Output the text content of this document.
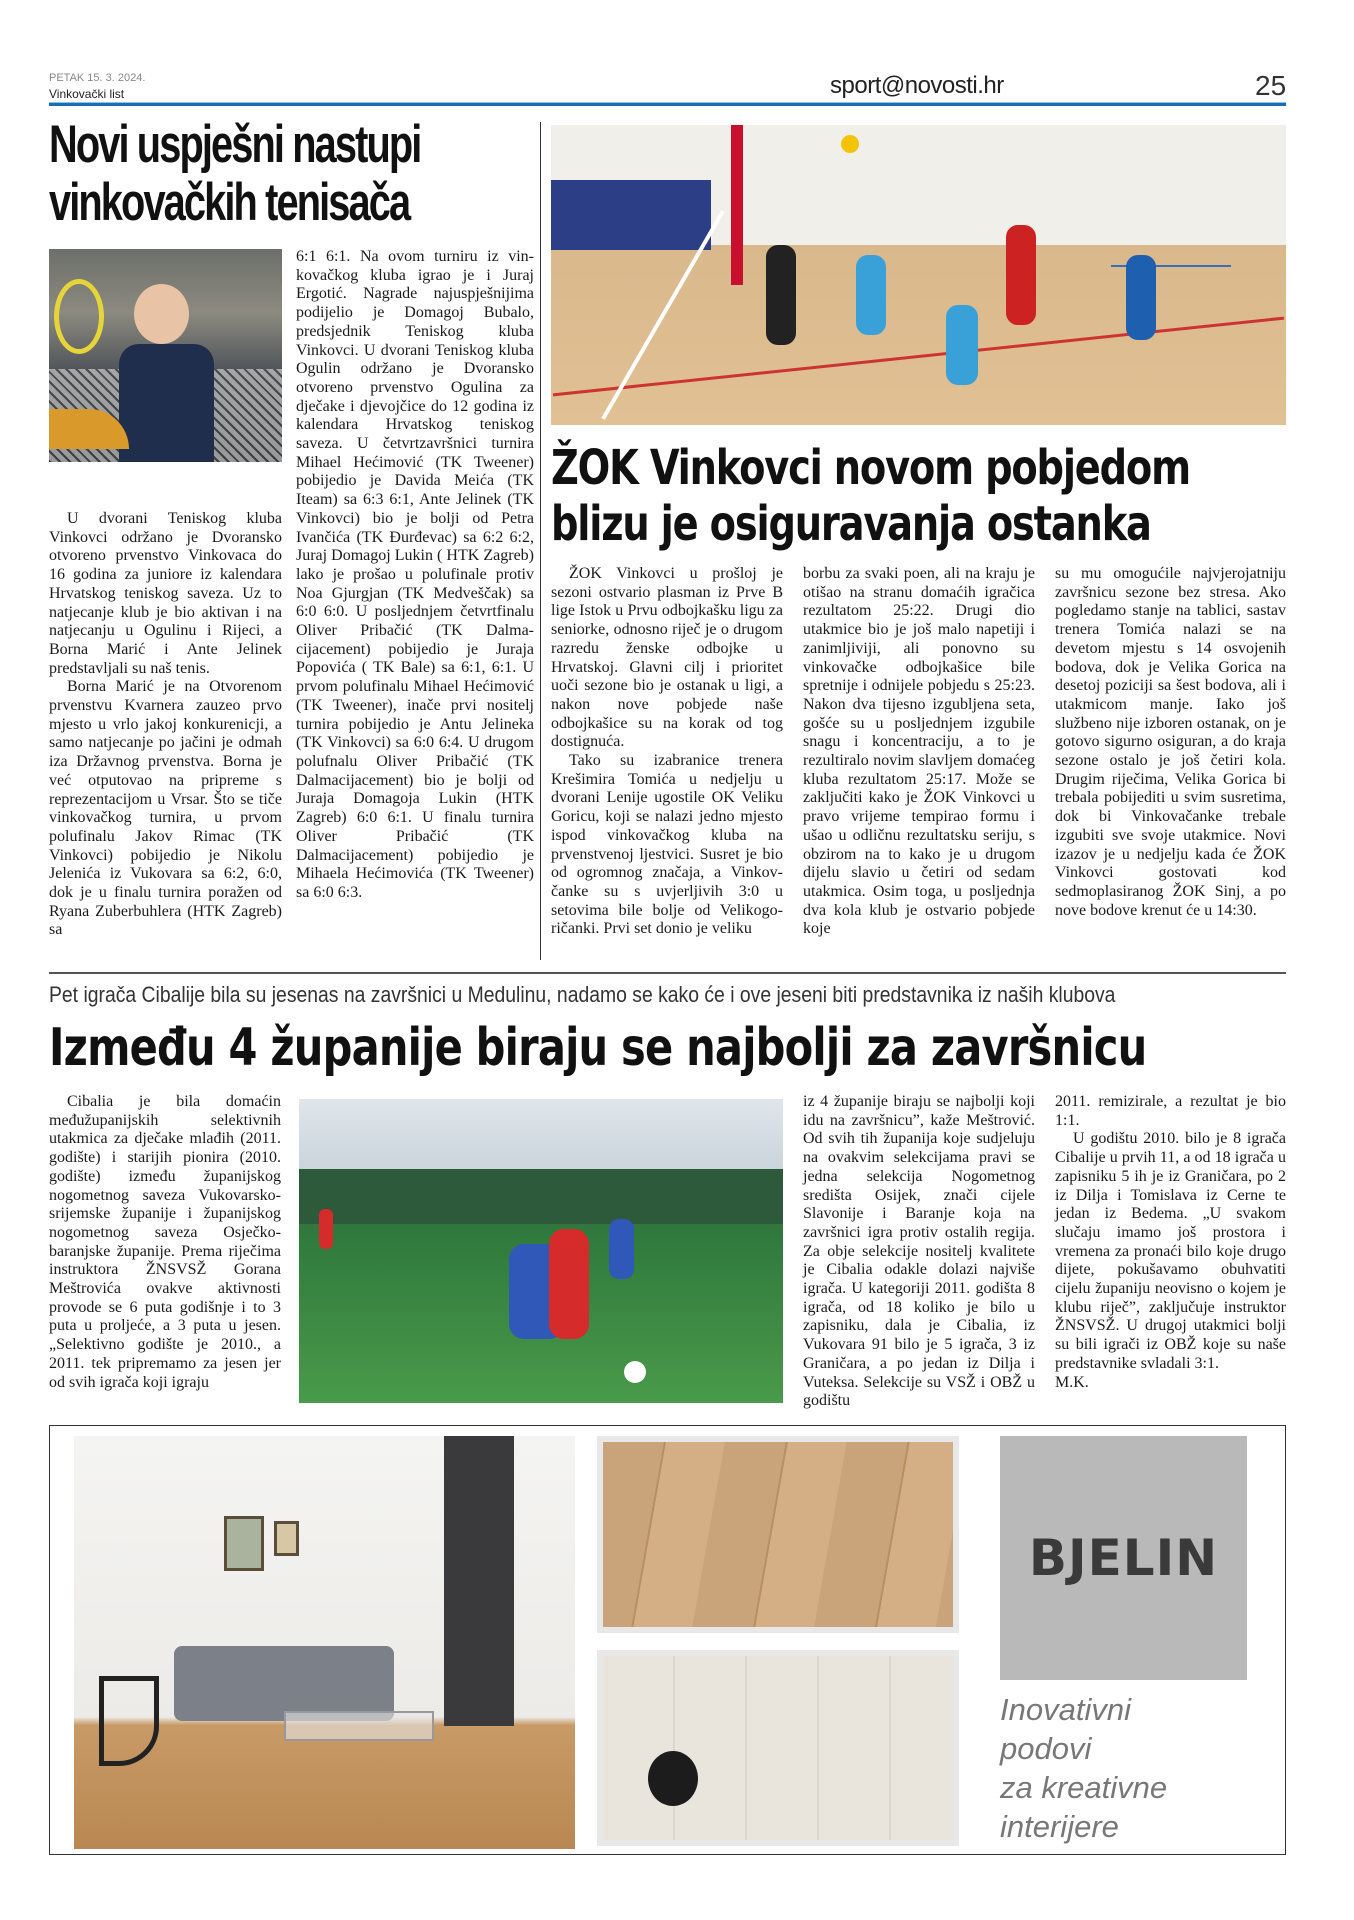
PETAK 15. 3. 2024.
Vinkovački list	sport@novosti.hr	25
Novi uspješni nastupi vinkovačkih tenisača

U dvorani Teniskog kluba Vinkovci održano je Dvoransko otvoreno prvenstvo Vinkovaca do 16 godina za juniore iz kalendara Hrvatskog teniskog saveza. Uz to natjecanje klub je bio aktivan i na natjecanju u Ogulinu i Rijeci, a Borna Marić i Ante Jelinek predstavljali su naš tenis.

Borna Marić je na Otvorenom prvenstvu Kvarnera zauzeo prvo mjesto u vrlo jakoj konkurenicji, a samo natjecanje po jačini je odmah iza Državnog prvenstva. Borna je već otputovao na pripreme s reprezentacijom u Vrsar. Što se tiče vinkovačkog turnira, u prvom polufinalu Jakov Rimac (TK Vinkovci) pobijedio je Nikolu Jelenića iz Vukovara sa 6:2, 6:0, dok je u finalu turnira poražen od Ryana Zuberbuhlera (HTK Zagreb) sa

6:1 6:1. Na ovom turniru iz vinkovačkog kluba igrao je i Juraj Ergotić. Nagrade najuspješnijima podijelio je Domagoj Bubalo, predsjednik Teniskog kluba Vinkovci. U dvorani Teniskog kluba Ogulin održano je Dvoransko otvoreno prvenstvo Ogulina za dječake i djevojčice do 12 godina iz kalendara Hrvatskog teniskog saveza. U četvrtzavršnici turnira Mihael Hećimović (TK Tweener) pobijedio je Davida Meića (TK Iteam) sa 6:3 6:1, Ante Jelinek (TK Vinkovci) bio je bolji od Petra Ivančića (TK Đurđevac) sa 6:2 6:2, Juraj Domagoj Lukin ( HTK Zagreb) lako je prošao u polufinale protiv Noa Gjurgjan (TK Medveščak) sa 6:0 6:0. U posljednjem četvrtfinalu Oliver Pribačić (TK Dalmacijacement) pobijedio je Juraja Popovića ( TK Bale) sa 6:1, 6:1. U prvom polufinalu Mihael Hećimović (TK Tweener), inače prvi nositelj turnira pobijedio je Antu Jelineka (TK Vinkovci) sa 6:0 6:4. U drugom polufnalu Oliver Pribačić (TK Dalmacijacement) bio je bolji od Juraja Domagoja Lukin (HTK Zagreb) 6:0 6:1. U finalu turnira Oliver Pribačić (TK Dalmacijacement) pobijedio je Mihaela Hećimovića (TK Tweener) sa 6:0 6:3.

ŽOK Vinkovci novom pobjedom blizu je osiguravanja ostanka

ŽOK Vinkovci u prošloj je sezoni ostvario plasman iz Prve B lige Istok u Prvu odbojkašku ligu za seniorke, odnosno riječ je o drugom razredu ženske odbojke u Hrvatskoj. Glavni cilj i prioritet uoči sezone bio je ostanak u ligi, a nakon nove pobjede naše odbojkašice su na korak od tog dostignuća.

Tako su izabranice trenera Krešimira Tomića u nedjelju u dvorani Lenije ugostile OK Veliku Goricu, koji se nalazi jedno mjesto ispod vinkovačkog kluba na prvenstvenoj ljestvici. Susret je bio od ogromnog značaja, a Vinkovčanke su s uvjerljivih 3:0 u setovima bile bolje od Velikogoričanki. Prvi set donio je veliku

borbu za svaki poen, ali na kraju je otišao na stranu domaćih igračica rezultatom 25:22. Drugi dio utakmice bio je još malo napetiji i zanimljiviji, ali ponovno su vinkovačke odbojkašice bile spretnije i odnijele pobjedu s 25:23. Nakon dva tijesno izgubljena seta, gošće su u posljednjem izgubile snagu i koncentraciju, a to je rezultiralo novim slavljem domaćeg kluba rezultatom 25:17. Može se zaključiti kako je ŽOK Vinkovci u pravo vrijeme tempirao formu i ušao u odličnu rezultatsku seriju, s obzirom na to kako je u drugom dijelu slavio u četiri od sedam utakmica. Osim toga, u posljednja dva kola klub je ostvario pobjede koje

su mu omogućile najvjerojatniju završnicu sezone bez stresa. Ako pogledamo stanje na tablici, sastav trenera Tomića nalazi se na devetom mjestu s 14 osvojenih bodova, dok je Velika Gorica na desetoj poziciji sa šest bodova, ali i utakmicom manje. Iako još službeno nije izboren ostanak, on je gotovo sigurno osiguran, a do kraja sezone ostalo je još četiri kola. Drugim riječima, Velika Gorica bi trebala pobijediti u svim susretima, dok bi Vinkovačanke trebale izgubiti sve svoje utakmice. Novi izazov je u nedjelju kada će ŽOK Vinkovci gostovati kod sedmoplasiranog ŽOK Sinj, a po nove bodove krenut će u 14:30.

Pet igrača Cibalije bila su jesenas na završnici u Medulinu, nadamo se kako će i ove jeseni biti predstavnika iz naših klubova
Između 4 županije biraju se najbolji za završnicu

Cibalia je bila domaćin međužupanijskih selektivnih utakmica za dječake mlađih (2011. godište) i starijih pionira (2010. godište) između županijskog nogometnog saveza Vukovarsko-srijemske županije i županijskog nogometnog saveza Osječko-baranjske županije. Prema riječima instruktora ŽNSVSŽ Gorana Meštrovića ovakve aktivnosti provode se 6 puta godišnje i to 3 puta u proljeće, a 3 puta u jesen. „Selektivno godište je 2010., a 2011. tek pripremamo za jesen jer od svih igrača koji igraju

iz 4 županije biraju se najbolji koji idu na završnicu”, kaže Meštrović. Od svih tih županija koje sudjeluju na ovakvim selekcijama pravi se jedna selekcija Nogometnog središta Osijek, znači cijele Slavonije i Baranje koja na završnici igra protiv ostalih regija. Za obje selekcije nositelj kvalitete je Cibalia odakle dolazi najviše igrača. U kategoriji 2011. godišta 8 igrača, od 18 koliko je bilo u zapisniku, dala je Cibalia, iz Vukovara 91 bilo je 5 igrača, 3 iz Graničara, a po jedan iz Dilja i Vuteksa. Selekcije su VSŽ i OBŽ u godištu

2011. remizirale, a rezultat je bio 1:1.

U godištu 2010. bilo je 8 igrača Cibalije u prvih 11, a od 18 igrača u zapisniku 5 ih je iz Graničara, po 2 iz Dilja i Tomislava iz Cerne te jedan iz Bedema. „U svakom slučaju imamo još prostora i vremena za pronaći bilo koje drugo dijete, pokušavamo obuhvatiti cijelu županiju neovisno o kojem je klubu riječ”, zaključuje instruktor ŽNSVSŽ. U drugoj utakmici bolji su bili igrači iz OBŽ koje su naše predstavnike svladali 3:1.

M.K.

BJELIN
Inovativni
podovi
za kreativne
interijere
